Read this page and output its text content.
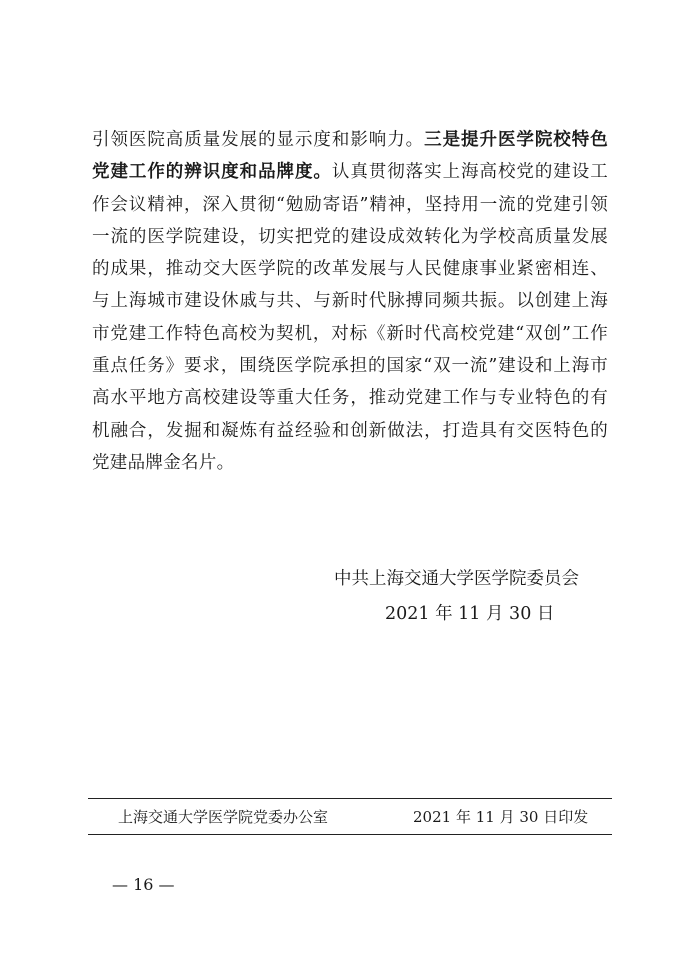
引领医院高质量发展的显示度和影响力。三是提升医学院校特色党建工作的辨识度和品牌度。认真贯彻落实上海高校党的建设工作会议精神，深入贯彻“勉励寄语”精神，坚持用一流的党建引领一流的医学院建设，切实把党的建设成效转化为学校高质量发展的成果，推动交大医学院的改革发展与人民健康事业紧密相连、与上海城市建设休戚与共、与新时代脉搏同频共振。以创建上海市党建工作特色高校为契机，对标《新时代高校党建“双创”工作重点任务》要求，围绕医学院承担的国家“双一流”建设和上海市高水平地方高校建设等重大任务，推动党建工作与专业特色的有机融合，发掘和凝炼有益经验和创新做法，打造具有交医特色的党建品牌金名片。
中共上海交通大学医学院委员会
2021 年 11 月 30 日
上海交通大学医学院党委办公室	2021 年 11 月 30 日印发
— 16 —
